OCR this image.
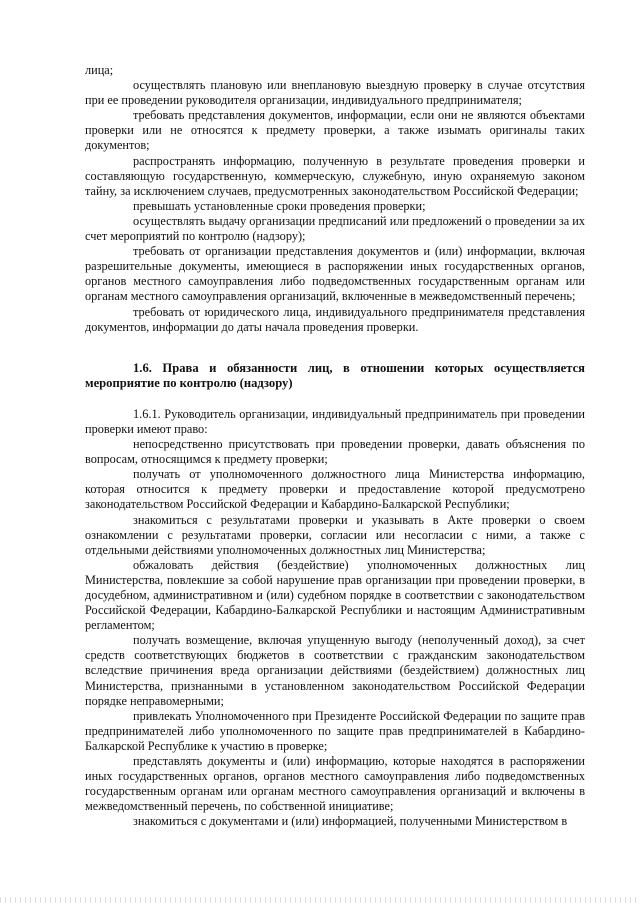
лица;

осуществлять плановую или внеплановую выездную проверку в случае отсутствия при ее проведении руководителя организации, индивидуального предпринимателя;

требовать представления документов, информации, если они не являются объектами проверки или не относятся к предмету проверки, а также изымать оригиналы таких документов;

распространять информацию, полученную в результате проведения проверки и составляющую государственную, коммерческую, служебную, иную охраняемую законом тайну, за исключением случаев, предусмотренных законодательством Российской Федерации;

превышать установленные сроки проведения проверки;

осуществлять выдачу организации предписаний или предложений о проведении за их счет мероприятий по контролю (надзору);

требовать от организации представления документов и (или) информации, включая разрешительные документы, имеющиеся в распоряжении иных государственных органов, органов местного самоуправления либо подведомственных государственным органам или органам местного самоуправления организаций, включенные в межведомственный перечень;

требовать от юридического лица, индивидуального предпринимателя представления документов, информации до даты начала проведения проверки.

1.6. Права и обязанности лиц, в отношении которых осуществляется мероприятие по контролю (надзору)

1.6.1. Руководитель организации, индивидуальный предприниматель при проведении проверки имеют право:

непосредственно присутствовать при проведении проверки, давать объяснения по вопросам, относящимся к предмету проверки;

получать от уполномоченного должностного лица Министерства информацию, которая относится к предмету проверки и предоставление которой предусмотрено законодательством Российской Федерации и Кабардино-Балкарской Республики;

знакомиться с результатами проверки и указывать в Акте проверки о своем ознакомлении с результатами проверки, согласии или несогласии с ними, а также с отдельными действиями уполномоченных должностных лиц Министерства;

обжаловать действия (бездействие) уполномоченных должностных лиц Министерства, повлекшие за собой нарушение прав организации при проведении проверки, в досудебном, административном и (или) судебном порядке в соответствии с законодательством Российской Федерации, Кабардино-Балкарской Республики и настоящим Административным регламентом;

получать возмещение, включая упущенную выгоду (неполученный доход), за счет средств соответствующих бюджетов в соответствии с гражданским законодательством вследствие причинения вреда организации действиями (бездействием) должностных лиц Министерства, признанными в установленном законодательством Российской Федерации порядке неправомерными;

привлекать Уполномоченного при Президенте Российской Федерации по защите прав предпринимателей либо уполномоченного по защите прав предпринимателей в Кабардино-Балкарской Республике к участию в проверке;

представлять документы и (или) информацию, которые находятся в распоряжении иных государственных органов, органов местного самоуправления либо подведомственных государственным органам или органам местного самоуправления организаций и включены в межведомственный перечень, по собственной инициативе;

знакомиться с документами и (или) информацией, полученными Министерством в
